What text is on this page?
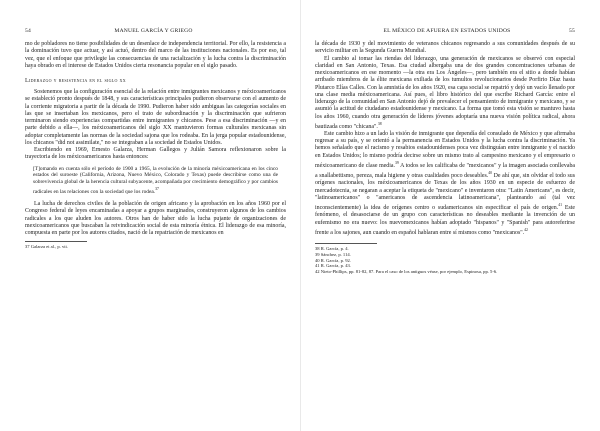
54	MANUEL GARCÍA Y GRIEGO

mo de pobladores no tiene posibilidades de un desenlace de independencia territorial. Por ello, la resistencia a la dominación tuvo que actuar, y así actuó, dentro del marco de las instituciones nacionales. Es por eso, tal vez, que el enfoque que privilegie las consecuencias de una racialización y la lucha contra la discriminación haya obrado en el interese de Estados Unidos cierta resonancia popular en el siglo pasado.

Liderazgo y resistencia en el siglo xx

Sostenemos que la configuración esencial de la relación entre inmigrantes mexicanos y méxicoamericanos se estableció pronto después de 1848, y sus características principales pudieron observarse con el aumento de la corriente migratoria a partir de la década de 1990. Pudieron haber sido ambiguas las categorías sociales en las que se insertaban los mexicanos, pero el trato de subordinación y la discriminación que sufrieron terminaron siendo experiencias compartidas entre inmigrantes y chicanos. Pese a esa discriminación —y en parte debido a ella—, los méxicoamericanos del siglo XX mantuvieron formas culturales mexicanas sin adoptar completamente las normas de la sociedad sajona que los rodeaba. En la jerga popular estadounidense, los chicanos "did not assimilate," no se integraban a la sociedad de Estados Unidos.

Escribiendo en 1969, Ernesto Galarza, Herman Gallegos y Julián Samora reflexionaron sobre la trayectoria de los méxicoamericanos hasta entonces:

[T]omando en cuenta sólo el período de 1900 a 1965, la evolución de la minoría méxicoamericana en los cinco estados del suroeste (California, Arizona, Nuevo México, Colorado y Texas) puede describirse como una de sobrevivencia global de la herencia cultural subyacente, acompañada por crecimiento demográfico y por cambios radicales en las relaciones con la sociedad que los rodea.$^{37}$

La lucha de derechos civiles de la población de origen africano y la aprobación en los años 1960 por el Congreso federal de leyes encaminadas a apoyar a grupos marginados, construyeron algunos de los cambios radicales a los que aluden los autores. Otros han de haber sido la lucha pujante de organizaciones de mexicoamericanos que buscaban la reivindicación social de esta minoría étnica. El liderazgo de esa minoría, compuesta en parte por los autores citados, nació de la repatriación de mexicanos en

37 Galarza et al., p. vii.

EL MÉXICO DE AFUERA EN ESTADOS UNIDOS	55

la década de 1930 y del movimiento de veteranos chicanos regresando a sus comunidades después de su servicio militar en la Segunda Guerra Mundial.

El cambio al tomar las riendas del liderazgo, una generación de mexicanos se observó con especial claridad en San Antonio, Texas. Esa ciudad albergaba una de dos grandes concentraciones urbanas de mexicoamericanos en ese momento —la otra era Los Ángeles—, pero también era el sitio a donde habían arribado miembros de la élite mexicana exiliada de los tumultos revolucionarios desde Porfirio Díaz hasta Plutarco Elías Calles. Con la amnistía de los años 1920, esa capa social se repatrió y dejó un vacío llenado por una clase media méxicoamericana. Así pues, el libro histórico del que escribe Richard García: entre el liderazgo de la comunidad en San Antonio dejó de prevalecer el pensamiento de inmigrante y mexicano, y se asumió la actitud de ciudadano estadounidense y mexicano. La forma que tomó esta visión se mantuvo hasta los años 1960, cuando otra generación de líderes jóvenes adoptaría una nueva visión política radical, ahora bautizada como "chicana".$^{38}$

Este cambio hizo a un lado la visión de inmigrante que dependía del consulado de México y que afirmaba regresar a su país, y se orientó a la permanencia en Estados Unidos y la lucha contra la discriminación. Ya hemos señalado que el racismo y resabios estadounidenses poca vez distinguían entre inmigrante y el nacido en Estados Unidos; lo mismo podría decirse sobre un mismo trato al campesino mexicano y el empresario o méxicoamericano de clase media.$^{39}$ A todos se les calificaba de "mexicanos" y la imagen asociada conllevaba a snallabettismo, pereza, mala higiene y otras cualidades poco deseables.$^{40}$ De ahí que, sin olvidar el todo sus orígenes nacionales, los méxicoamericanos de Texas de los años 1930 en un especie de esfuerzo de mercadotecnia, se negaran a aceptar la etiqueta de "mexicano" e inventaron otra: "Latin Americans", es decir, "latinoamericanos" o "americanos de ascendencia latinoamericana", planteando así (tal vez inconscientemente) la idea de orígenes centro o sudamericanos sin especificar el país de origen.$^{41}$ Este fenómeno, el desasociarse de un grupo con características no deseables mediante la invención de un eufemismo no era nuevo: los nuevomexicanos habían adoptado "hispanos" y "Spanish" para autoreferirse frente a los sajones, aun cuando en español hablaran entre sí mismos como "mexicanos".$^{42}$

38 R. García, p. 4.

39 Sánchez, p. 114.

40 R. García, p. 92.

41 R. García, p. 43.

42 Nieto-Phillips, pp. 81-82, 87. Para el caso de los antiguos véase, por ejemplo, Espinosa, pp. 5-6.
